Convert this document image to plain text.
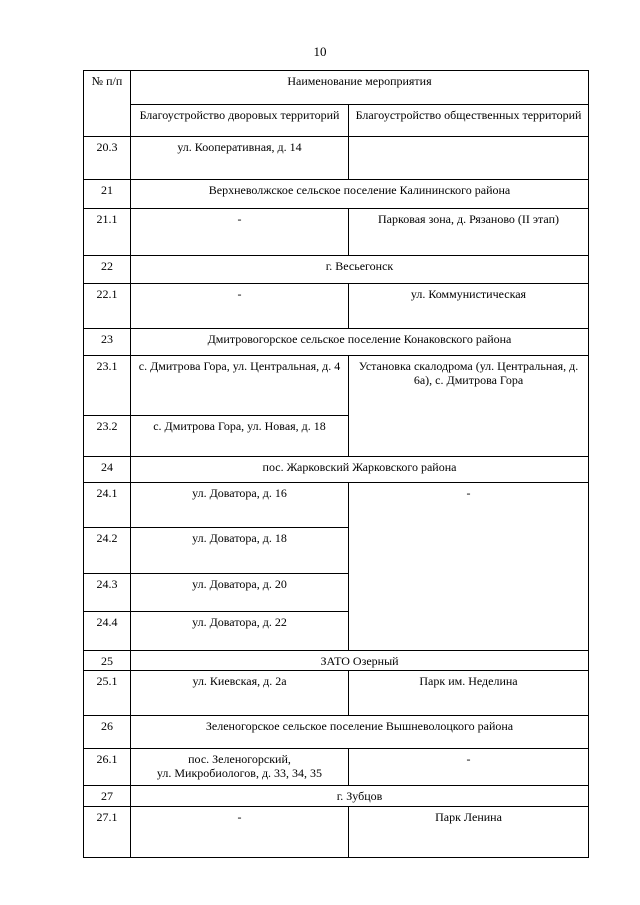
10
№ п/п	Наименование мероприятия	
	Благоустройство дворовых территорий	Благоустройство общественных территорий
20.3	ул. Кооперативная, д. 14	
21	Верхневолжское сельское поселение Калининского района	
21.1	-	Парковая зона, д. Рязаново (II этап)
22	г. Весьегонск	
22.1	-	ул. Коммунистическая
23	Дмитровогорское сельское поселение Конаковского района	
23.1	с. Дмитрова Гора, ул. Центральная, д. 4	Установка скалодрома (ул. Центральная, д. 6а), с. Дмитрова Гора
23.2	с. Дмитрова Гора, ул. Новая, д. 18	
24	пос. Жарковский Жарковского района	
24.1	ул. Доватора, д. 16	-
24.2	ул. Доватора, д. 18	
24.3	ул. Доватора, д. 20	
24.4	ул. Доватора, д. 22	
25	ЗАТО Озерный	
25.1	ул. Киевская, д. 2а	Парк им. Неделина
26	Зеленогорское сельское поселение Вышневолоцкого района	
26.1	пос. Зеленогорский,
ул. Микробиологов, д. 33, 34, 35	-
27	г. Зубцов	
27.1	-	Парк Ленина
